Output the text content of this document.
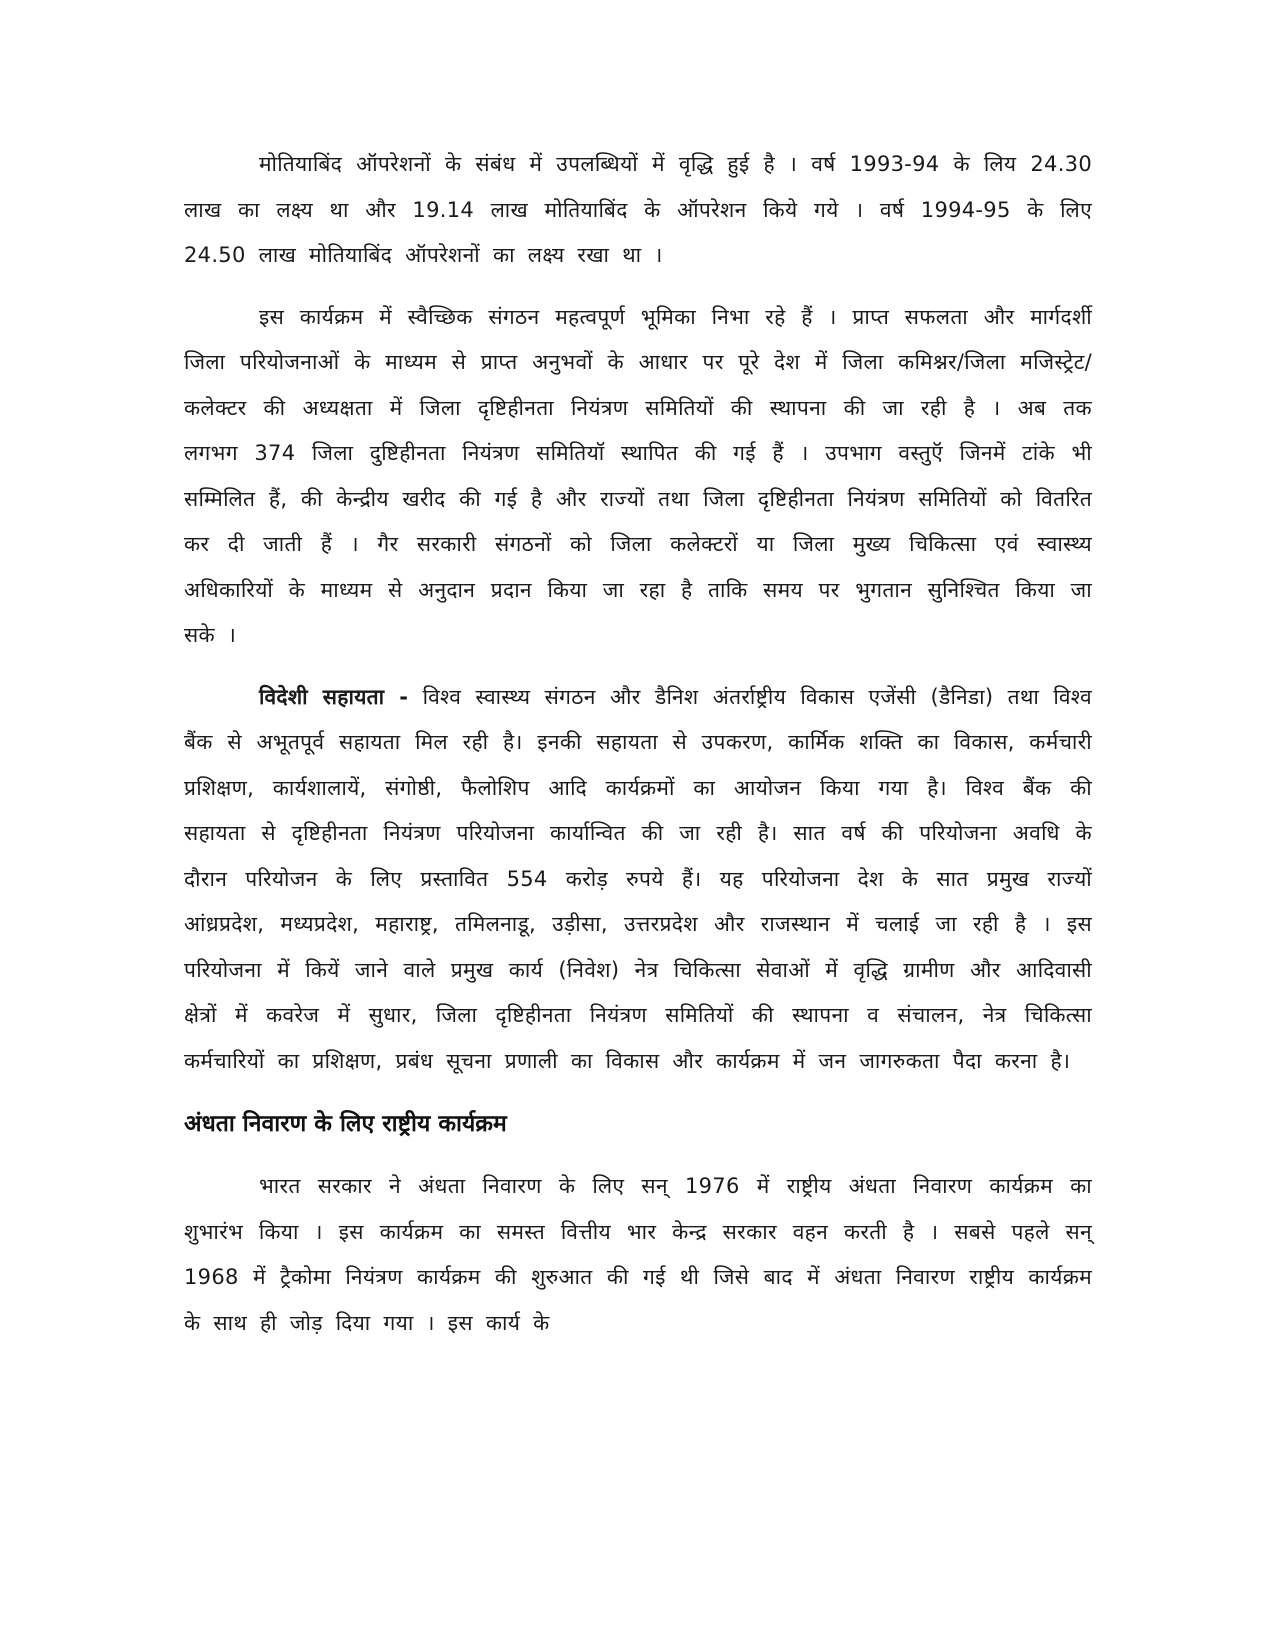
मोतियाबिंद ऑपरेशनों के संबंध में उपलब्धियों में वृद्धि हुई है । वर्ष 1993-94 के लिय 24.30 लाख का लक्ष्य था और 19.14 लाख मोतियाबिंद के ऑपरेशन किये गये । वर्ष 1994-95 के लिए 24.50 लाख मोतियाबिंद ऑपरेशनों का लक्ष्य रखा था ।

इस कार्यक्रम में स्वैच्छिक संगठन महत्वपूर्ण भूमिका निभा रहे हैं । प्राप्त सफलता और मार्गदर्शी जिला परियोजनाओं के माध्यम से प्राप्त अनुभवों के आधार पर पूरे देश में जिला कमिश्नर/जिला मजिस्ट्रेट/कलेक्टर की अध्यक्षता में जिला दृष्टिहीनता नियंत्रण समितियों की स्थापना की जा रही है । अब तक लगभग 374 जिला दुष्टिहीनता नियंत्रण समितियॉ स्थापित की गई हैं । उपभाग वस्तुऍ जिनमें टांके भी सम्मिलित हैं, की केन्द्रीय खरीद की गई है और राज्यों तथा जिला दृष्टिहीनता नियंत्रण समितियों को वितरित कर दी जाती हैं । गैर सरकारी संगठनों को जिला कलेक्टरों या जिला मुख्य चिकित्सा एवं स्वास्थ्य अधिकारियों के माध्यम से अनुदान प्रदान किया जा रहा है ताकि समय पर भुगतान सुनिश्चित किया जा सके ।

विदेशी सहायता - विश्व स्वास्थ्य संगठन और डैनिश अंतर्राष्ट्रीय विकास एजेंसी (डैनिडा) तथा विश्व बैंक से अभूतपूर्व सहायता मिल रही है। इनकी सहायता से उपकरण, कार्मिक शक्ति का विकास, कर्मचारी प्रशिक्षण, कार्यशालायें, संगोष्ठी, फैलोशिप आदि कार्यक्रमों का आयोजन किया गया है। विश्व बैंक की सहायता से दृष्टिहीनता नियंत्रण परियोजना कार्यान्वित की जा रही है। सात वर्ष की परियोजना अवधि के दौरान परियोजन के लिए प्रस्तावित 554 करोड़ रुपये हैं। यह परियोजना देश के सात प्रमुख राज्यों आंध्रप्रदेश, मध्यप्रदेश, महाराष्ट्र, तमिलनाडू, उड़ीसा, उत्तरप्रदेश और राजस्थान में चलाई जा रही है । इस परियोजना में कियें जाने वाले प्रमुख कार्य (निवेश) नेत्र चिकित्सा सेवाओं में वृद्धि ग्रामीण और आदिवासी क्षेत्रों में कवरेज में सुधार, जिला दृष्टिहीनता नियंत्रण समितियों की स्थापना व संचालन, नेत्र चिकित्सा कर्मचारियों का प्रशिक्षण, प्रबंध सूचना प्रणाली का विकास और कार्यक्रम में जन जागरुकता पैदा करना है।

अंधता निवारण के लिए राष्ट्रीय कार्यक्रम

भारत सरकार ने अंधता निवारण के लिए सन् 1976 में राष्ट्रीय अंधता निवारण कार्यक्रम का शुभारंभ किया । इस कार्यक्रम का समस्त वित्तीय भार केन्द्र सरकार वहन करती है । सबसे पहले सन् 1968 में ट्रैकोमा नियंत्रण कार्यक्रम की शुरुआत की गई थी जिसे बाद में अंधता निवारण राष्ट्रीय कार्यक्रम के साथ ही जोड़ दिया गया । इस कार्य के
